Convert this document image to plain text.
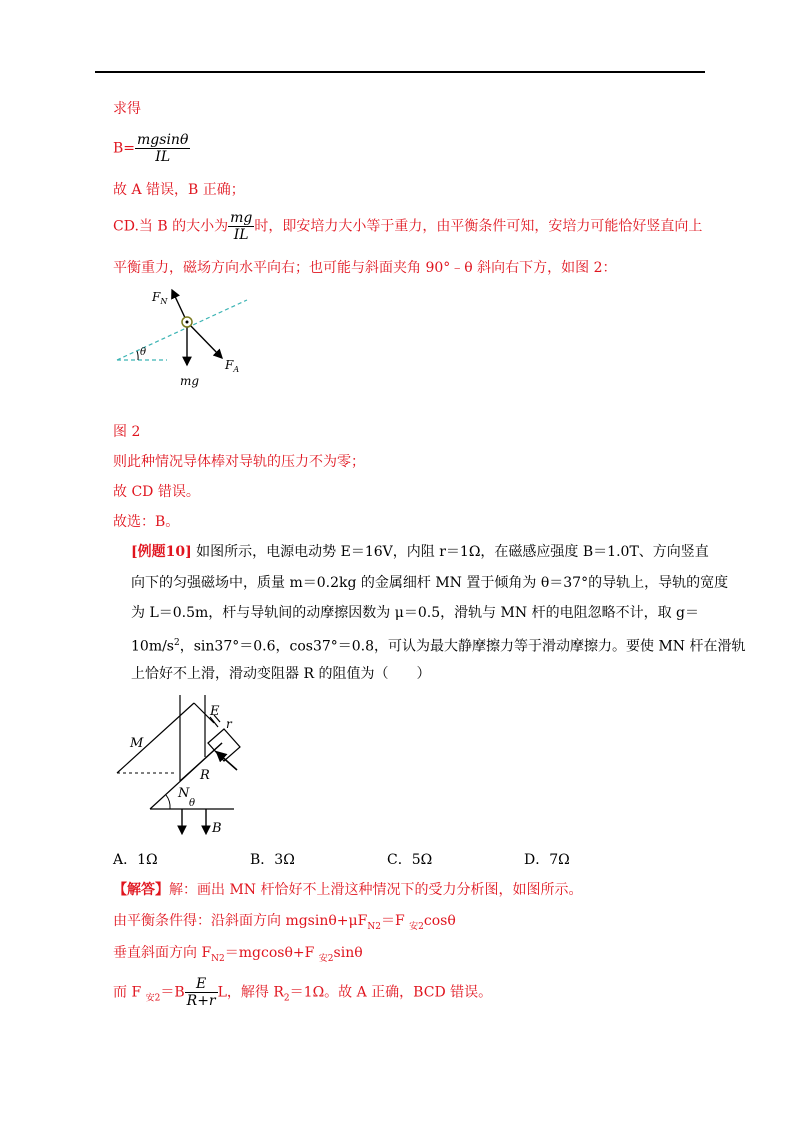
求得
$B= \frac{mgsin\theta}{IL}$
故 A 错误，B 正确；
CD.当 B 的大小为 $\frac{mg}{IL}$ 时，即安培力大小等于重力，由平衡条件可知，安培力可能恰好竖直向上
平衡重力，磁场方向水平向右；也可能与斜面夹角 90°﹣θ 斜向右下方，如图 2：
$F_N$
θ
mg
$F_A$
图 2
则此种情况导体棒对导轨的压力不为零；
故 CD 错误。
故选：B。
[例题10] 如图所示，电源电动势 E＝16V，内阻 r＝1Ω，在磁感应强度 B＝1.0T、方向竖直
向下的匀强磁场中，质量 m＝0.2kg 的金属细杆 MN 置于倾角为 θ＝37°的导轨上，导轨的宽度
为 L＝0.5m，杆与导轨间的动摩擦因数为 μ＝0.5，滑轨与 MN 杆的电阻忽略不计，取 g＝
$10m/s^2$，sin37°＝0.6，cos37°＝0.8，可认为最大静摩擦力等于滑动摩擦力。要使 MN 杆在滑轨
上恰好不上滑，滑动变阻器 R 的阻值为（　　）
M
E
r
R
N
θ
B
A．1Ω	B．3Ω	C．5Ω	D．7Ω
【解答】解：画出 MN 杆恰好不上滑这种情况下的受力分析图，如图所示。
由平衡条件得：沿斜面方向 $mgsin\theta+\mu F_{N2}=F$ $_{安2}$cosθ
垂直斜面方向 $F_{N2}=mgcos\theta+F$ $_{安2}$sinθ
而 F $_{安2}=B \frac{E}{R+r}$ L，解得 $R_2=1\Omega$。故 A 正确，BCD 错误。
